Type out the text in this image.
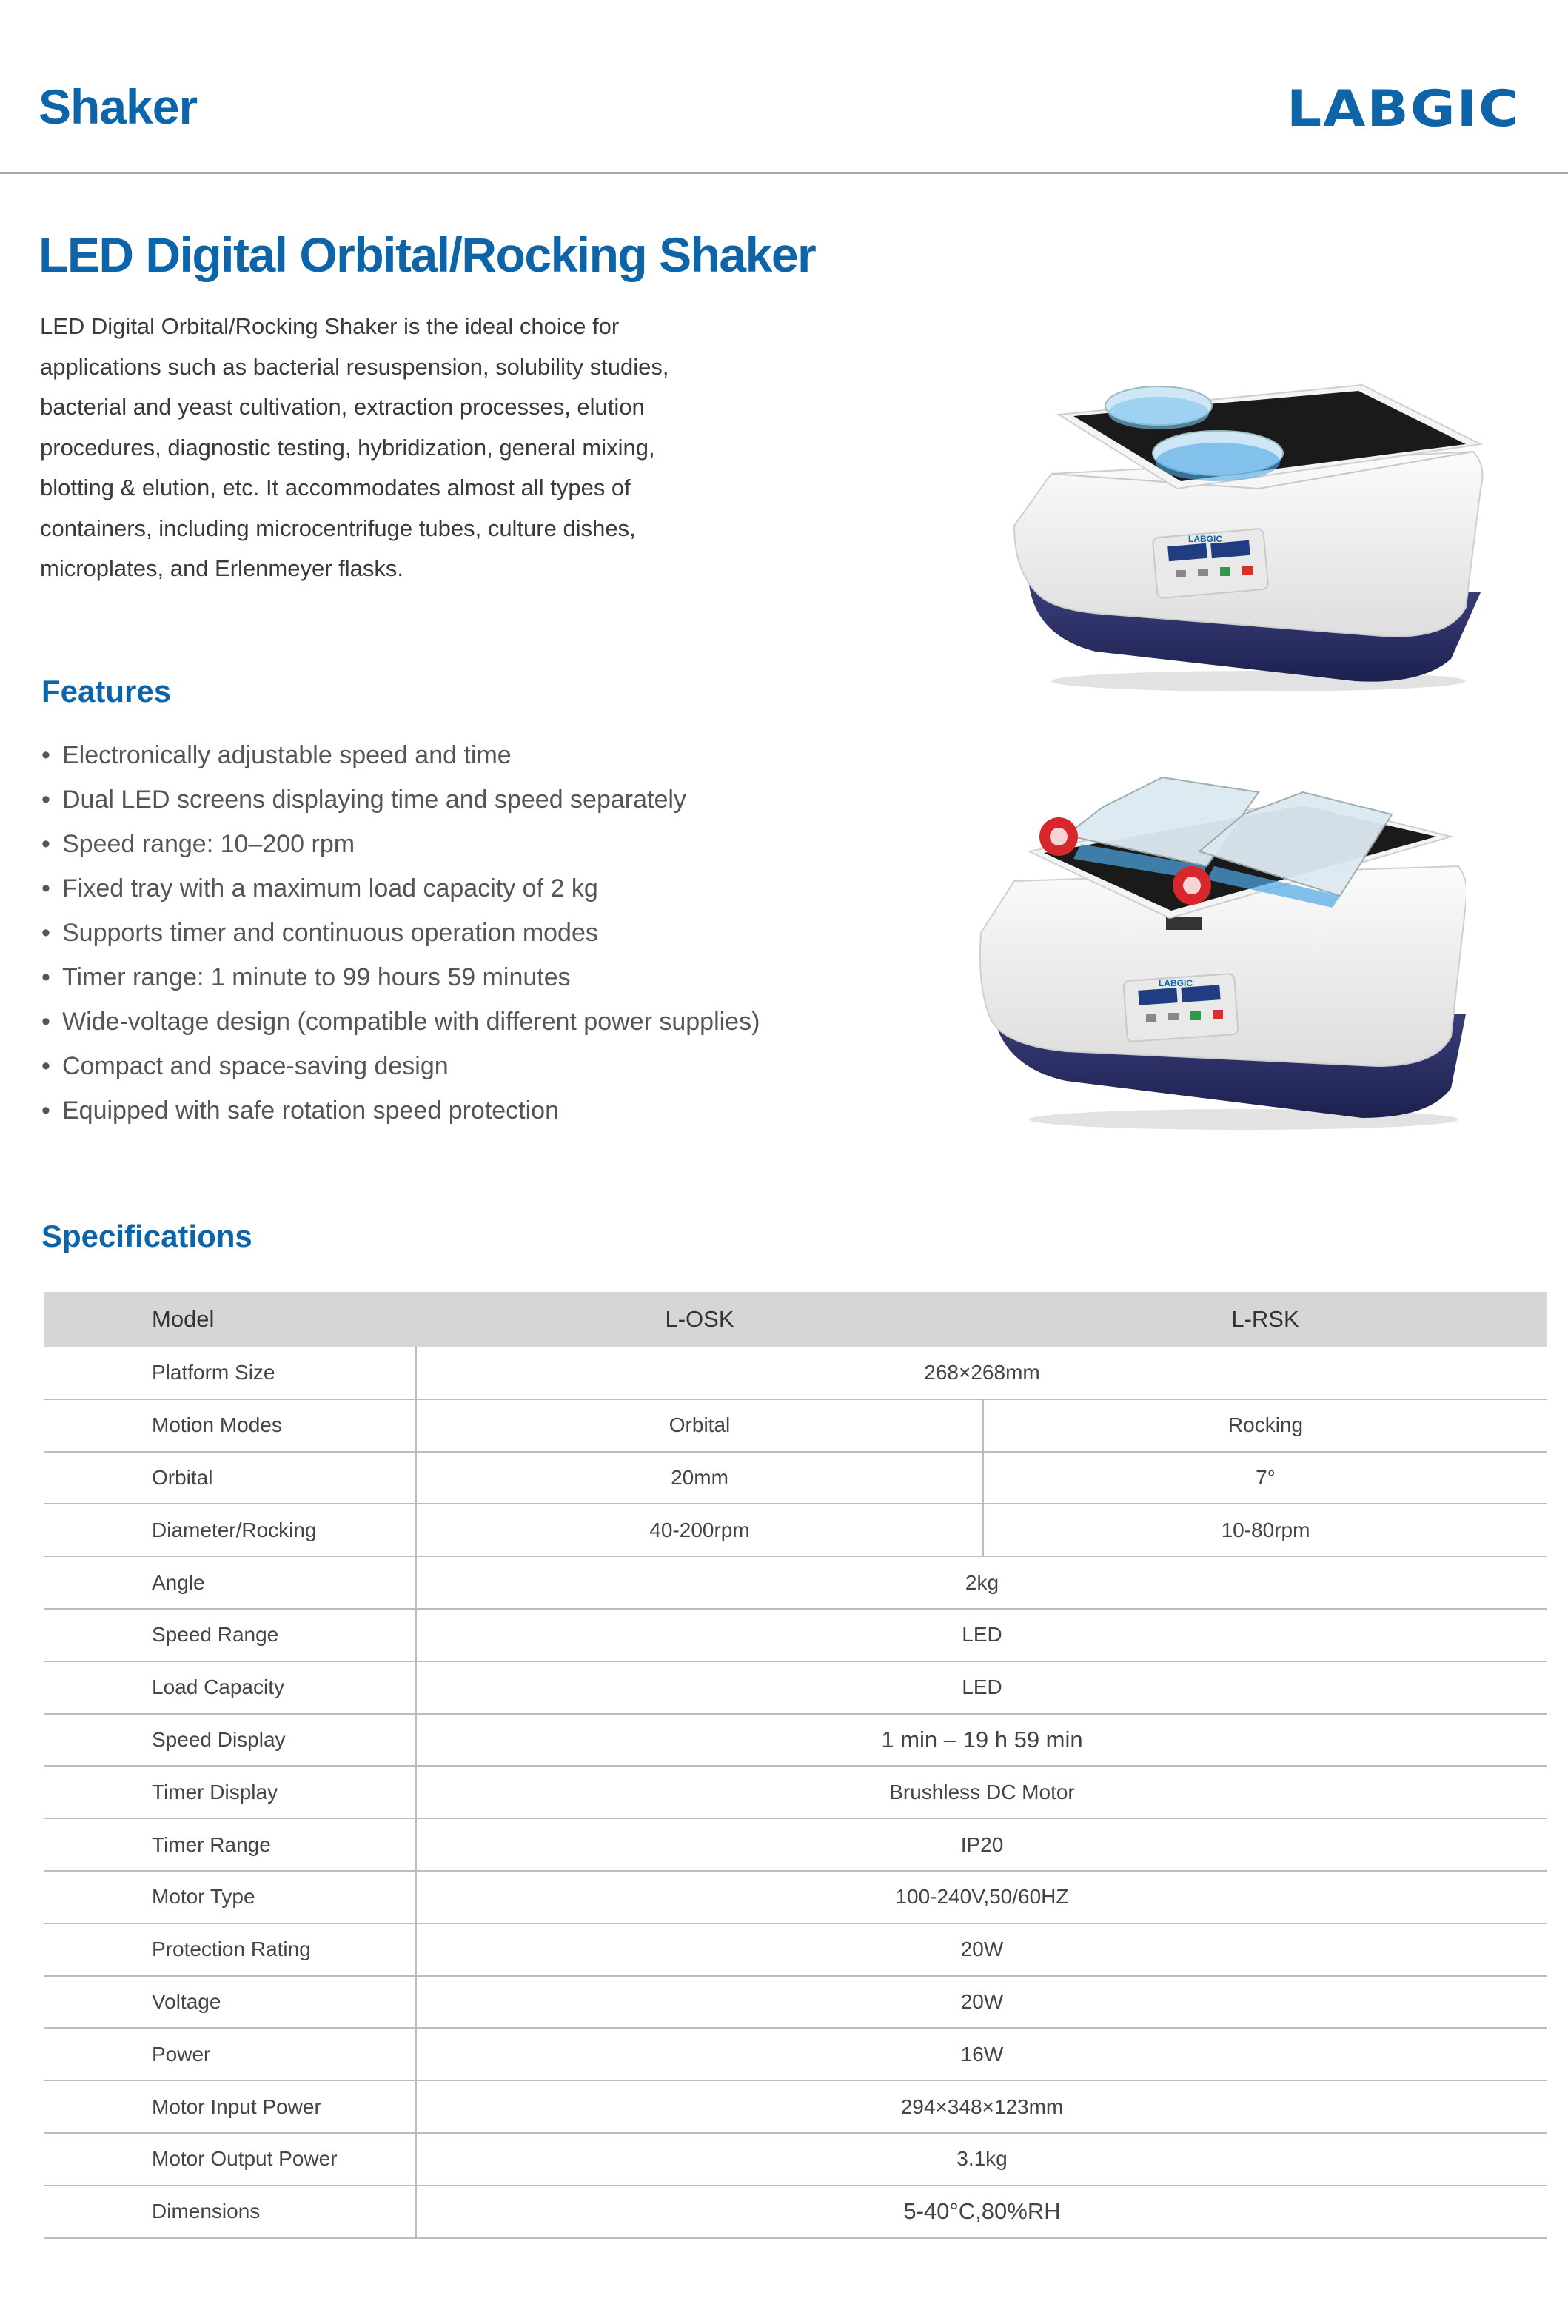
Shaker	LABGIC
LED Digital Orbital/Rocking Shaker
LED Digital Orbital/Rocking Shaker is the ideal choice for
applications such as bacterial resuspension, solubility studies,
bacterial and yeast cultivation, extraction processes, elution
procedures, diagnostic testing, hybridization, general mixing,
blotting & elution, etc. It accommodates almost all types of
containers, including microcentrifuge tubes, culture dishes,
microplates, and Erlenmeyer flasks.
LABGIC
Features
• Electronically adjustable speed and time
• Dual LED screens displaying time and speed separately
• Speed range: 10–200 rpm
• Fixed tray with a maximum load capacity of 2 kg
• Supports timer and continuous operation modes
• Timer range: 1 minute to 99 hours 59 minutes
• Wide-voltage design (compatible with different power supplies)
• Compact and space-saving design
• Equipped with safe rotation speed protection
LABGIC
Specifications
Model	L-OSK	L-RSK
Platform Size	268×268mm	
Motion Modes	Orbital	Rocking
Orbital	20mm	7°
Diameter/Rocking	40-200rpm	10-80rpm
Angle	2kg	
Speed Range	LED	
Load Capacity	LED	
Speed Display	1 min – 19 h 59 min	
Timer Display	Brushless DC Motor	
Timer Range	IP20	
Motor Type	100-240V,50/60HZ	
Protection Rating	20W	
Voltage	20W	
Power	16W	
Motor Input Power	294×348×123mm	
Motor Output Power	3.1kg	
Dimensions	5-40°C,80%RH	
